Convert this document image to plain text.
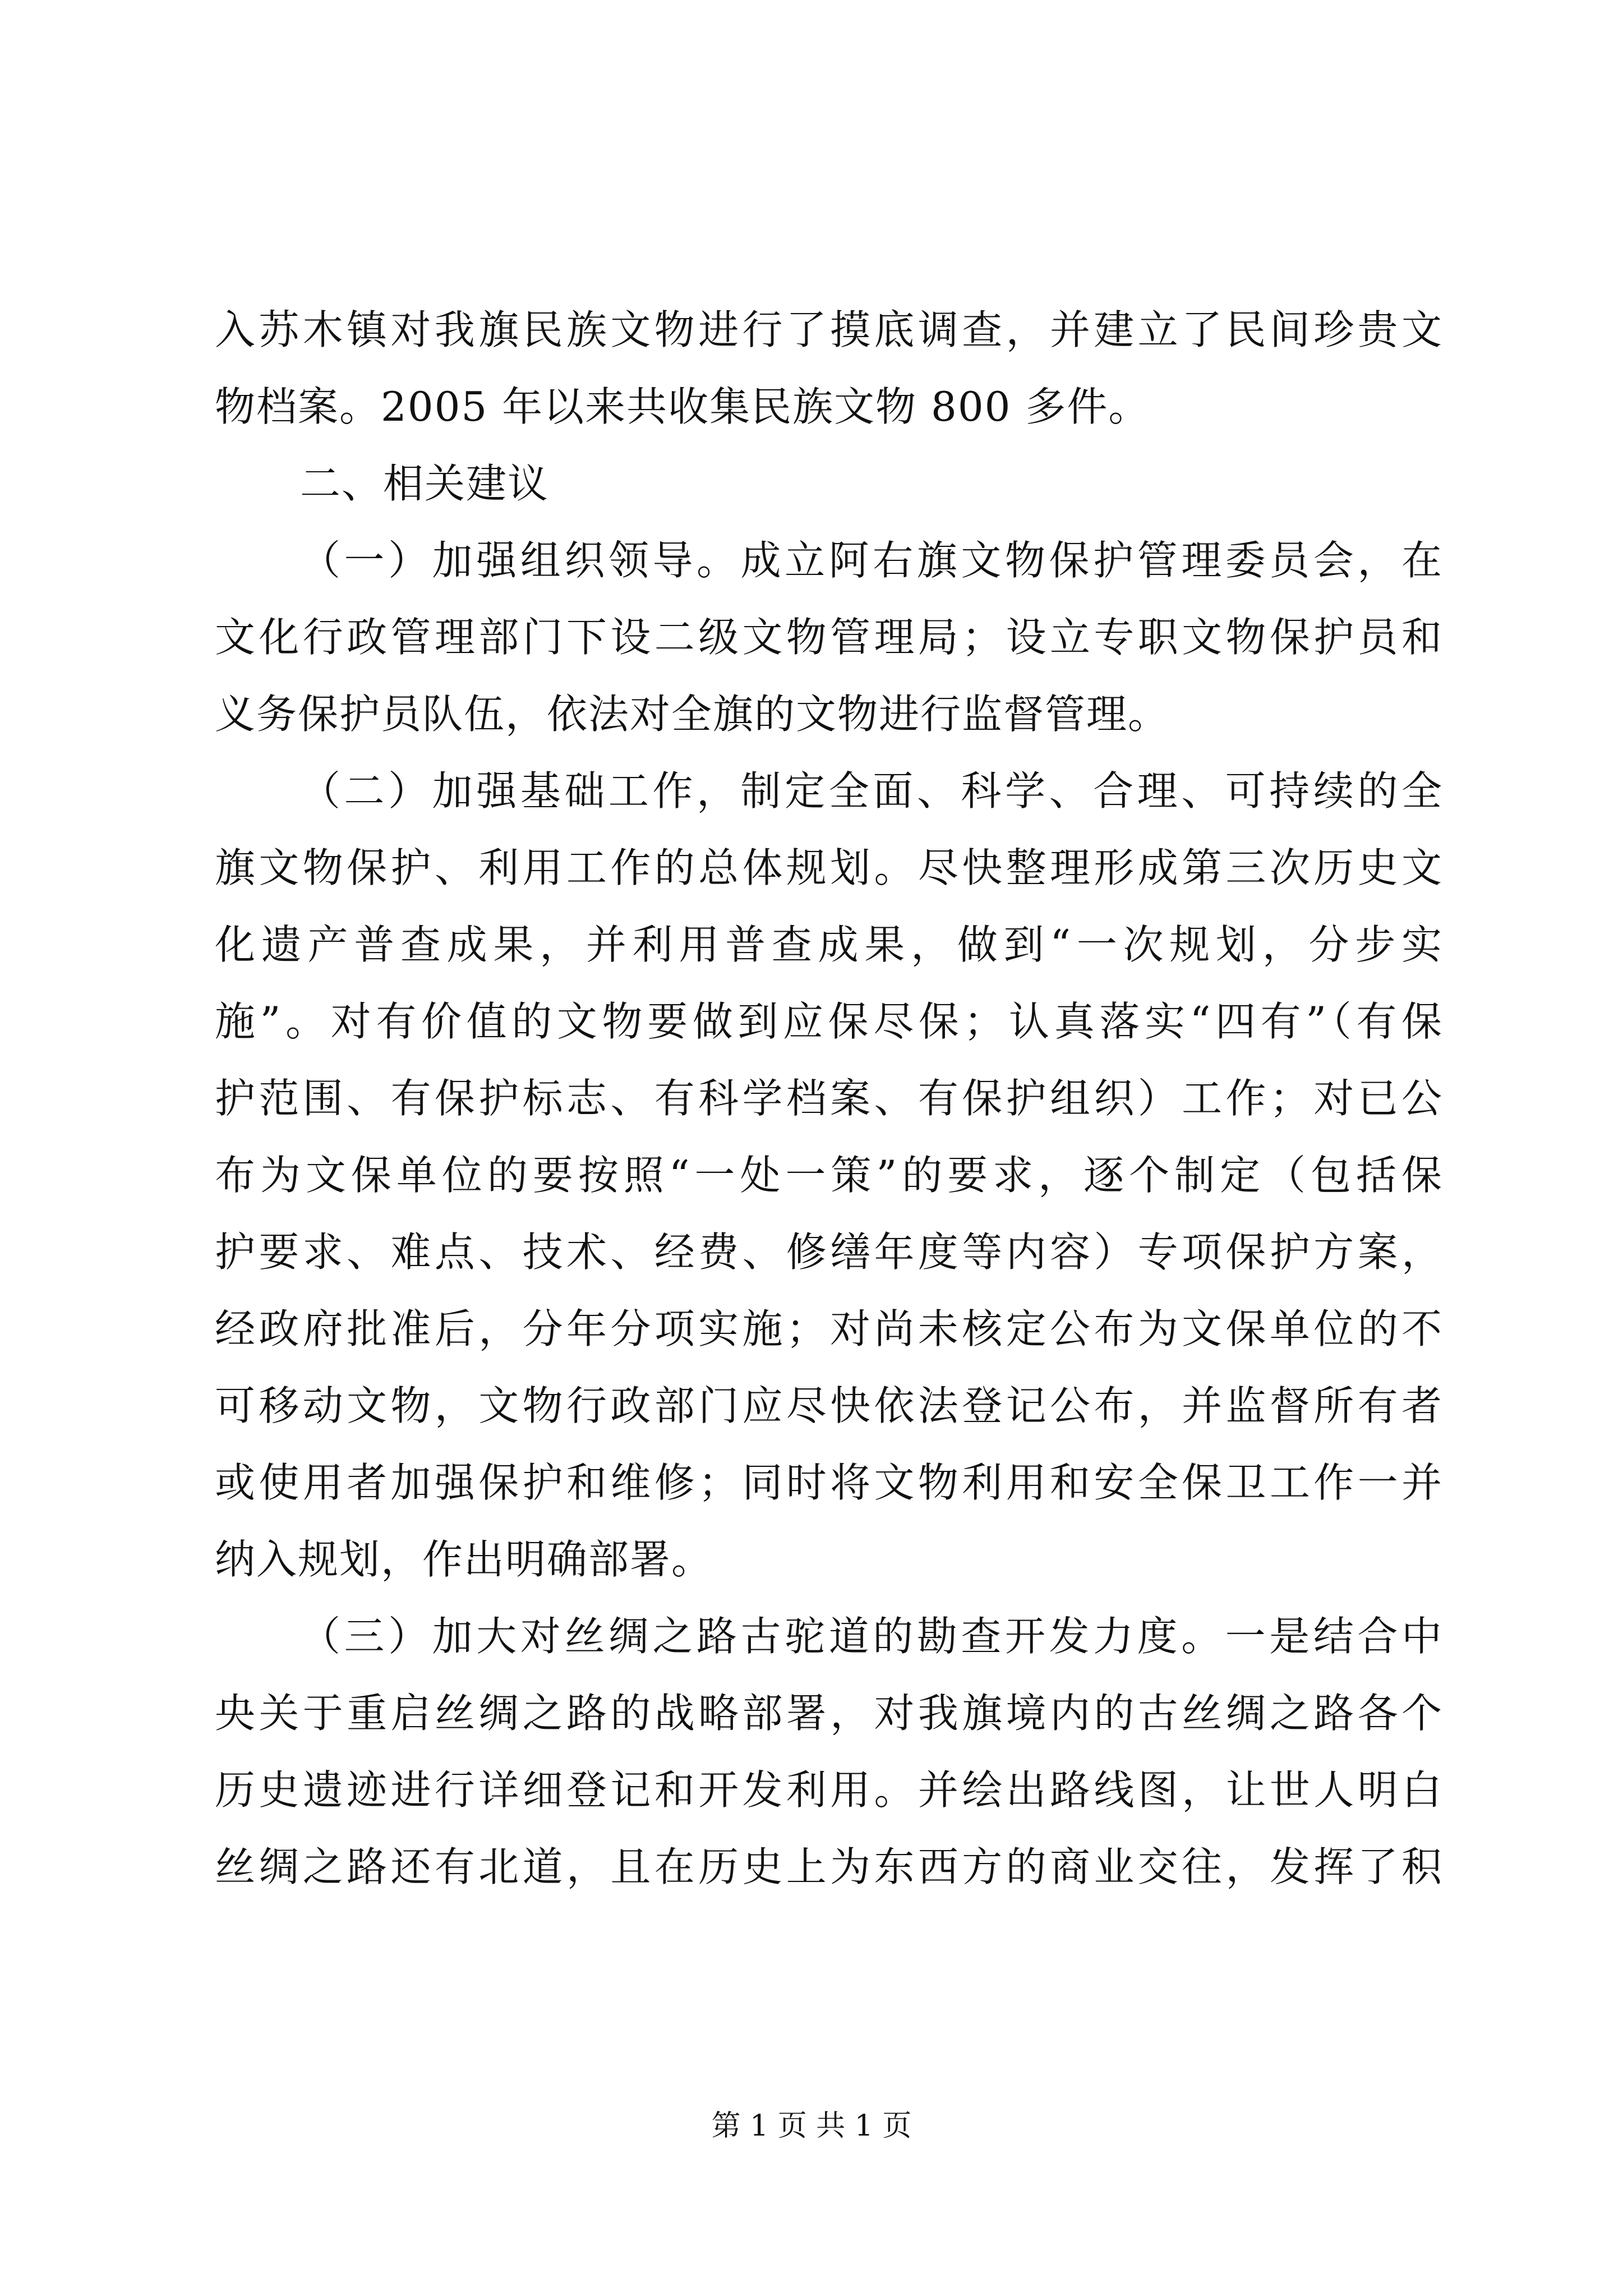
入苏木镇对我旗民族文物进行了摸底调查，并建立了民间珍贵文
物档案。2005 年以来共收集民族文物 800 多件。
二、相关建议
（一）加强组织领导。成立阿右旗文物保护管理委员会，在
文化行政管理部门下设二级文物管理局；设立专职文物保护员和
义务保护员队伍，依法对全旗的文物进行监督管理。
（二）加强基础工作，制定全面、科学、合理、可持续的全
旗文物保护、利用工作的总体规划。尽快整理形成第三次历史文
化遗产普查成果，并利用普查成果，做到“一次规划，分步实
施”。对有价值的文物要做到应保尽保；认真落实“四有”（有保
护范围、有保护标志、有科学档案、有保护组织）工作；对已公
布为文保单位的要按照“一处一策”的要求，逐个制定（包括保
护要求、难点、技术、经费、修缮年度等内容）专项保护方案，
经政府批准后，分年分项实施；对尚未核定公布为文保单位的不
可移动文物，文物行政部门应尽快依法登记公布，并监督所有者
或使用者加强保护和维修；同时将文物利用和安全保卫工作一并
纳入规划，作出明确部署。
（三）加大对丝绸之路古驼道的勘查开发力度。一是结合中
央关于重启丝绸之路的战略部署，对我旗境内的古丝绸之路各个
历史遗迹进行详细登记和开发利用。并绘出路线图，让世人明白
丝绸之路还有北道，且在历史上为东西方的商业交往，发挥了积
第 1 页 共 1 页
